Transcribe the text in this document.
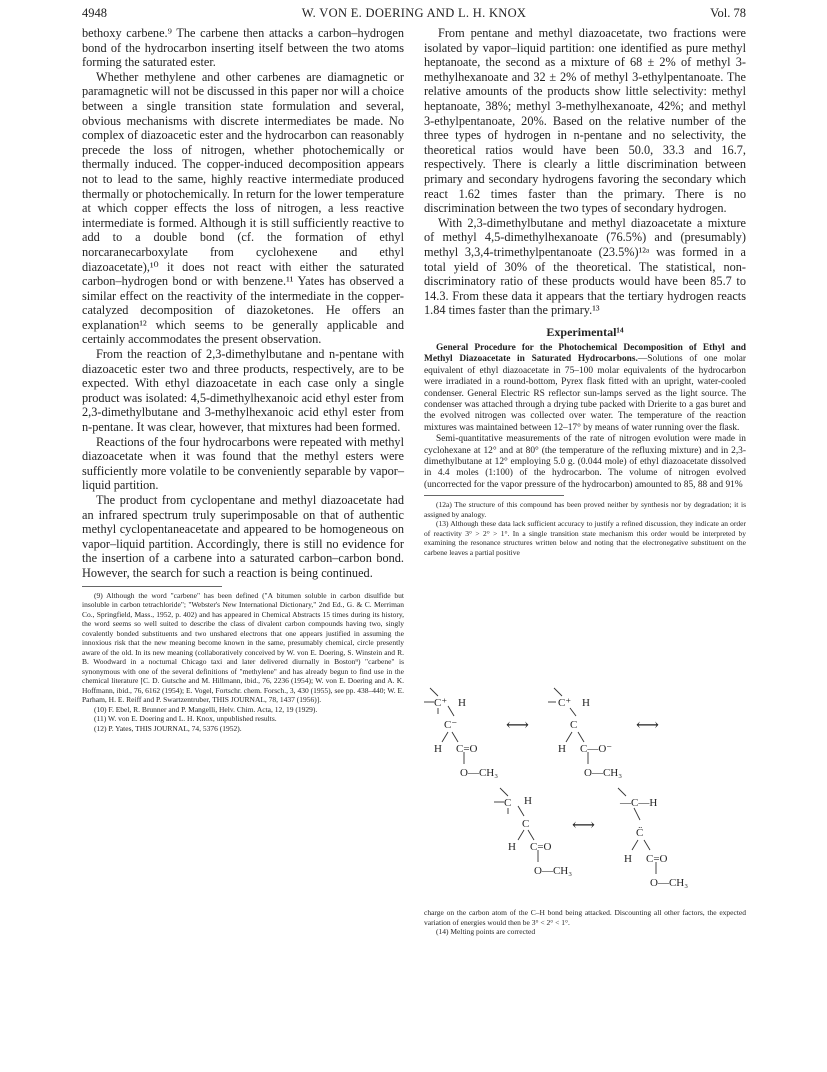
4948	W. VON E. DOERING AND L. H. KNOX	Vol. 78

bethoxy carbene.⁹ The carbene then attacks a carbon–hydrogen bond of the hydrocarbon inserting itself between the two atoms forming the saturated ester.

Whether methylene and other carbenes are diamagnetic or paramagnetic will not be discussed in this paper nor will a choice between a single transition state formulation and several, obvious mechanisms with discrete intermediates be made. No complex of diazoacetic ester and the hydrocarbon can reasonably precede the loss of nitrogen, whether photochemically or thermally induced. The copper-induced decomposition appears not to lead to the same, highly reactive intermediate produced thermally or photochemically. In return for the lower temperature at which copper effects the loss of nitrogen, a less reactive intermediate is formed. Although it is still sufficiently reactive to add to a double bond (cf. the formation of ethyl norcaranecarboxylate from cyclohexene and ethyl diazoacetate),¹⁰ it does not react with either the saturated carbon–hydrogen bond or with benzene.¹¹ Yates has observed a similar effect on the reactivity of the intermediate in the copper-catalyzed decomposition of diazoketones. He offers an explanation¹² which seems to be generally applicable and certainly accommodates the present observation.

From the reaction of 2,3-dimethylbutane and n-pentane with diazoacetic ester two and three products, respectively, are to be expected. With ethyl diazoacetate in each case only a single product was isolated: 4,5-dimethylhexanoic acid ethyl ester from 2,3-dimethylbutane and 3-methylhexanoic acid ethyl ester from n-pentane. It was clear, however, that mixtures had been formed.

Reactions of the four hydrocarbons were repeated with methyl diazoacetate when it was found that the methyl esters were sufficiently more volatile to be conveniently separable by vapor–liquid partition.

The product from cyclopentane and methyl diazoacetate had an infrared spectrum truly superimposable on that of authentic methyl cyclopentaneacetate and appeared to be homogeneous on vapor–liquid partition. Accordingly, there is still no evidence for the insertion of a carbene into a saturated carbon–carbon bond. However, the search for such a reaction is being continued.

(9) Although the word "carbene" has been defined ("A bitumen soluble in carbon disulfide but insoluble in carbon tetrachloride"; "Webster's New International Dictionary," 2nd Ed., G. & C. Merriman Co., Springfield, Mass., 1952, p. 402) and has appeared in Chemical Abstracts 15 times during its history, the word seems so well suited to describe the class of divalent carbon compounds having two, singly covalently bonded substituents and two unshared electrons that one appears justified in assuming the innoxious risk that the new meaning become known in the same, presumably chemical, circle presently aware of the old. In its new meaning (collaboratively conceived by W. von E. Doering, S. Winstein and R. B. Woodward in a nocturnal Chicago taxi and later delivered diurnally in Boston⁹) "carbene" is synonymous with one of the several definitions of "methylene" and has already begun to find use in the chemical literature [C. D. Gutsche and M. Hillmann, ibid., 76, 2236 (1954); W. von E. Doering and A. K. Hoffmann, ibid., 76, 6162 (1954); E. Vogel, Fortschr. chem. Forsch., 3, 430 (1955), see pp. 438–440; W. E. Parham, H. E. Reiff and P. Swartzentruber, THIS JOURNAL, 78, 1437 (1956)].

(10) F. Ebel, R. Brunner and P. Mangelli, Helv. Chim. Acta, 12, 19 (1929).

(11) W. von E. Doering and L. H. Knox, unpublished results.

(12) P. Yates, THIS JOURNAL, 74, 5376 (1952).

From pentane and methyl diazoacetate, two fractions were isolated by vapor–liquid partition: one identified as pure methyl heptanoate, the second as a mixture of 68 ± 2% of methyl 3-methylhexanoate and 32 ± 2% of methyl 3-ethylpentanoate. The relative amounts of the products show little selectivity: methyl heptanoate, 38%; methyl 3-methylhexanoate, 42%; and methyl 3-ethylpentanoate, 20%. Based on the relative number of the three types of hydrogen in n-pentane and no selectivity, the theoretical ratios would have been 50.0, 33.3 and 16.7, respectively. There is clearly a little discrimination between primary and secondary hydrogens favoring the secondary which react 1.62 times faster than the primary. There is no discrimination between the two types of secondary hydrogen.

With 2,3-dimethylbutane and methyl diazoacetate a mixture of methyl 4,5-dimethylhexanoate (76.5%) and (presumably) methyl 3,3,4-trimethylpentanoate (23.5%)¹²ᵃ was formed in a total yield of 30% of the theoretical. The statistical, non-discriminatory ratio of these products would have been 85.7 to 14.3. From these data it appears that the tertiary hydrogen reacts 1.84 times faster than the primary.¹³

Experimental¹⁴

General Procedure for the Photochemical Decomposition of Ethyl and Methyl Diazoacetate in Saturated Hydrocarbons.—Solutions of one molar equivalent of ethyl diazoacetate in 75–100 molar equivalents of the hydrocarbon were irradiated in a round-bottom, Pyrex flask fitted with an upright, water-cooled condenser. General Electric RS reflector sun-lamps served as the light source. The condenser was attached through a drying tube packed with Drierite to a gas buret and the evolved nitrogen was collected over water. The temperature of the reaction mixtures was maintained between 12–17° by means of water running over the flask.

Semi-quantitative measurements of the rate of nitrogen evolution were made in cyclohexane at 12° and at 80° (the temperature of the refluxing mixture) and in 2,3-dimethylbutane at 12° employing 5.0 g. (0.044 mole) of ethyl diazoacetate dissolved in 4.4 moles (1:100) of the hydrocarbon. The volume of nitrogen evolved (uncorrected for the vapor pressure of the hydrocarbon) amounted to 85, 88 and 91%

(12a) The structure of this compound has been proved neither by synthesis nor by degradation; it is assigned by analogy.

(13) Although these data lack sufficient accuracy to justify a refined discussion, they indicate an order of reactivity 3° > 2° > 1°. In a single transition state mechanism this order would be interpreted by examining the resonance structures written below and noting that the electronegative substituent on the carbene leaves a partial positive

C⁺ H
C⁻
H C=O
O—CH₃
⟷
C⁺ H
C
H C—O⁻
O—CH₃
⟷
C H
C
H C=O
O—CH₃
⟷
—C—H
C̈
H C=O
O—CH₃

charge on the carbon atom of the C–H bond being attacked. Discounting all other factors, the expected variation of energies would then be 3° < 2° < 1°.

(14) Melting points are corrected
